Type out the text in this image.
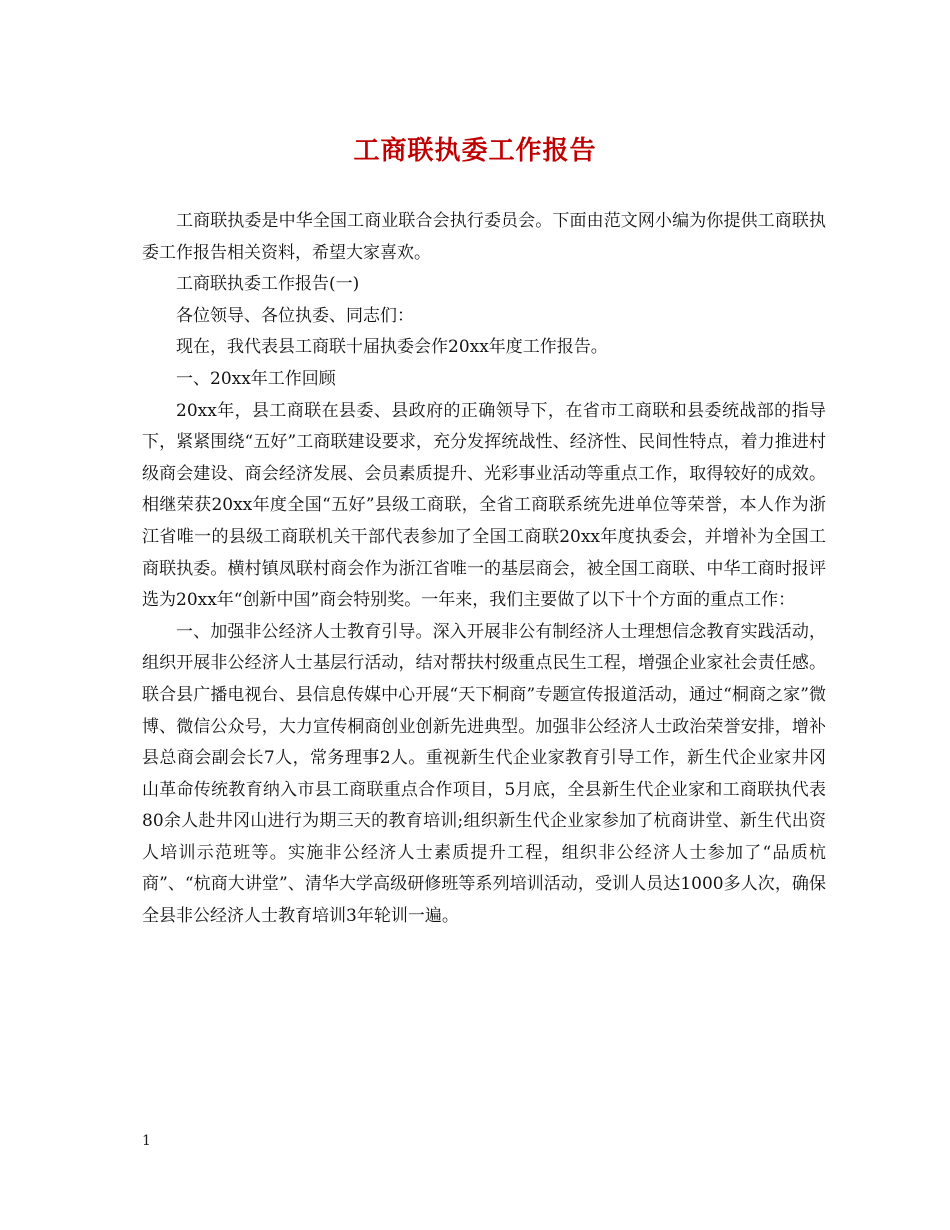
工商联执委工作报告

工商联执委是中华全国工商业联合会执行委员会。下面由范文网小编为你提供工商联执委工作报告相关资料，希望大家喜欢。

工商联执委工作报告(一)

各位领导、各位执委、同志们：

现在，我代表县工商联十届执委会作20xx年度工作报告。

一、20xx年工作回顾

20xx年，县工商联在县委、县政府的正确领导下，在省市工商联和县委统战部的指导下，紧紧围绕“五好”工商联建设要求，充分发挥统战性、经济性、民间性特点，着力推进村级商会建设、商会经济发展、会员素质提升、光彩事业活动等重点工作，取得较好的成效。相继荣获20xx年度全国“五好”县级工商联，全省工商联系统先进单位等荣誉，本人作为浙江省唯一的县级工商联机关干部代表参加了全国工商联20xx年度执委会，并增补为全国工商联执委。横村镇凤联村商会作为浙江省唯一的基层商会，被全国工商联、中华工商时报评选为20xx年“创新中国”商会特别奖。一年来，我们主要做了以下十个方面的重点工作：

一、加强非公经济人士教育引导。深入开展非公有制经济人士理想信念教育实践活动，组织开展非公经济人士基层行活动，结对帮扶村级重点民生工程，增强企业家社会责任感。联合县广播电视台、县信息传媒中心开展“天下桐商”专题宣传报道活动，通过“桐商之家”微博、微信公众号，大力宣传桐商创业创新先进典型。加强非公经济人士政治荣誉安排，增补县总商会副会长7人，常务理事2人。重视新生代企业家教育引导工作，新生代企业家井冈山革命传统教育纳入市县工商联重点合作项目，5月底，全县新生代企业家和工商联执代表80余人赴井冈山进行为期三天的教育培训;组织新生代企业家参加了杭商讲堂、新生代出资人培训示范班等。实施非公经济人士素质提升工程，组织非公经济人士参加了“品质杭商”、“杭商大讲堂”、清华大学高级研修班等系列培训活动，受训人员达1000多人次，确保全县非公经济人士教育培训3年轮训一遍。

1
